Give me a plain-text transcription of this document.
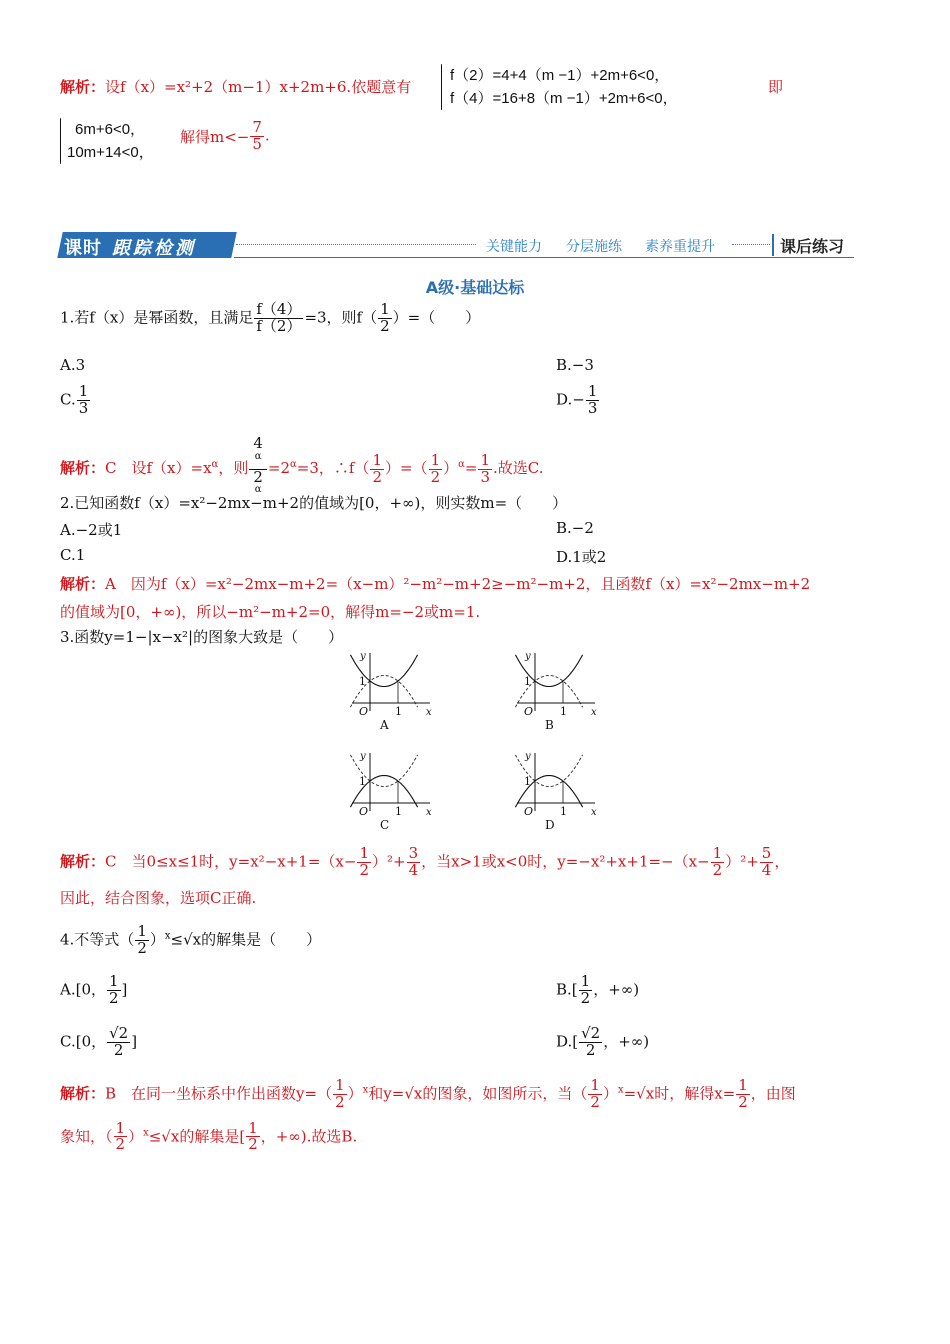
解析：设f（x）=x²+2（m−1）x+2m+6.依题意有
f（2）=4+4（m −1）+2m+6<0，
f（4）=16+8（m −1）+2m+6<0，
即
6m+6<0，
10m+14<0，
解得$m<- \frac{7}{5}$ .
课时 跟踪检测	关键能力 分层施练 素养重提升	课后练习
A级·基础达标
1.若f（x）是幂函数，且满足 $\frac{f(4)}{f(2)} =3$，则$f( \frac{1}{2}$ ）=（　　）
A.3	B.−3
C. $\frac{1}{3}$	$D.- \frac{1}{3}$
解析：C　设$f(x)=x^\alpha$，则 4
$^\alpha$
2
$^\alpha =2^\alpha=3$，∴f（ $\frac{1}{2}$ ）=（ $\frac{1}{2} )^\alpha= \frac{1}{3}$ .故选C.
2.已知函数f（x）=x²−2mx−m+2的值域为[0，+∞)，则实数m=（　　）
A.−2或1	B.−2
C.1	D.1或2
解析：A　因为f（x）=x²−2mx−m+2=（x−m）²−m²−m+2≥−m²−m+2，且函数f（x）=x²−2mx−m+2
的值域为[0，+∞)，所以−m²−m+2=0，解得m=−2或m=1.
3.函数y=1−|x−x²|的图象大致是（　　）
y
1
O 1 x
A
y
1
O 1 x
B
y
1
O 1 x
C
y
1
O 1 x
D
解析：C　当0≤x≤1时，$y=x^2-x+1=(x- \frac{1}{2} )^2+ \frac{3}{4}$ ，当x>1或x<0时，$y=-x^2+x+1=-(x- \frac{1}{2} )^2+ \frac{5}{4}$ ，
因此，结合图象，选项C正确.
4.不等式（ $\frac{1}{2} )^x\le√x$的解集是（　　）
A.[0， $\frac{1}{2}$ ]	$B.[ \frac{1}{2}$ ，+∞)
C.[0， $\frac{√2}{2}$ ]	$D.[ \frac{√2}{2}$ ，+∞)
解析：B　在同一坐标系中作出函数$y=( \frac{1}{2} )^x$和y=√x的图象，如图所示，当（ $\frac{1}{2} )^x=√x$时，解得$x= \frac{1}{2}$ ，由图
象知，（ $\frac{1}{2} )^x\le√x$的解集是[ $\frac{1}{2}$ ，+∞).故选B.
